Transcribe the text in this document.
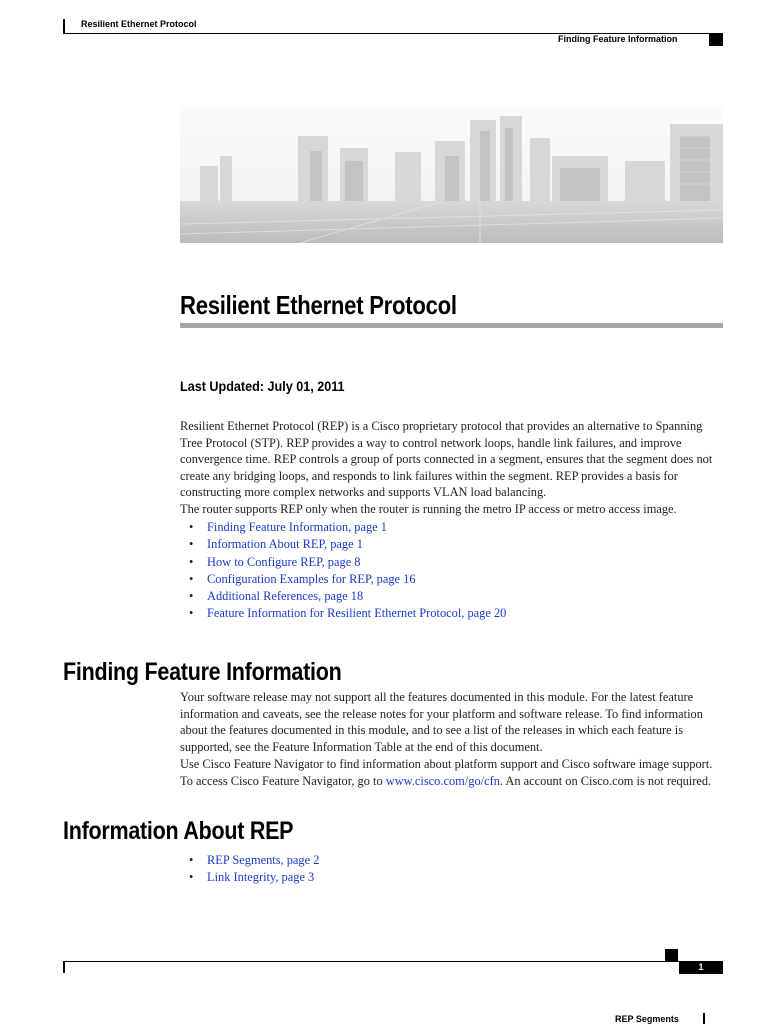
Resilient Ethernet Protocol
Finding Feature Information
Resilient Ethernet Protocol
Last Updated: July 01, 2011
Resilient Ethernet Protocol (REP) is a Cisco proprietary protocol that provides an alternative to Spanning
Tree Protocol (STP). REP provides a way to control network loops, handle link failures, and improve
convergence time. REP controls a group of ports connected in a segment, ensures that the segment does not
create any bridging loops, and responds to link failures within the segment. REP provides a basis for
constructing more complex networks and supports VLAN load balancing.
The router supports REP only when the router is running the metro IP access or metro access image.
• Finding Feature Information, page 1
• Information About REP, page 1
• How to Configure REP, page 8
• Configuration Examples for REP, page 16
• Additional References, page 18
• Feature Information for Resilient Ethernet Protocol, page 20
Finding Feature Information
Your software release may not support all the features documented in this module. For the latest feature
information and caveats, see the release notes for your platform and software release. To find information
about the features documented in this module, and to see a list of the releases in which each feature is
supported, see the Feature Information Table at the end of this document.
Use Cisco Feature Navigator to find information about platform support and Cisco software image support.
To access Cisco Feature Navigator, go to www.cisco.com/go/cfn. An account on Cisco.com is not required.
Information About REP
• REP Segments, page 2
• Link Integrity, page 3
1
REP Segments
